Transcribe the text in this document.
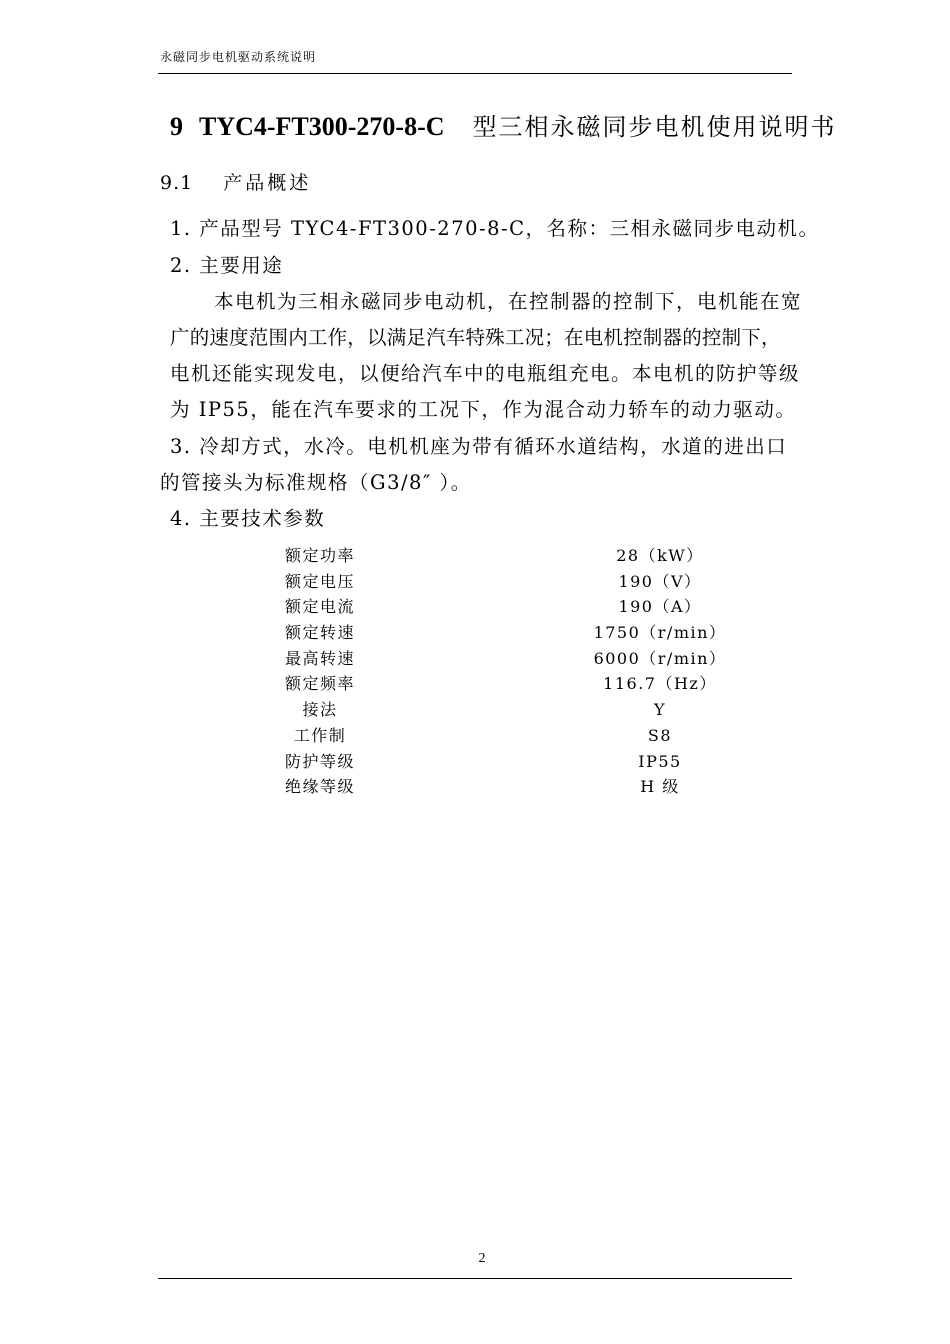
永磁同步电机驱动系统说明
9 TYC4-FT300-270-8-C 型三相永磁同步电机使用说明书
9.1 产品概述
1. 产品型号 TYC4-FT300-270-8-C，名称：三相永磁同步电动机。
2. 主要用途
本电机为三相永磁同步电动机，在控制器的控制下，电机能在宽
广的速度范围内工作，以满足汽车特殊工况；在电机控制器的控制下，
电机还能实现发电，以便给汽车中的电瓶组充电。本电机的防护等级
为 IP55，能在汽车要求的工况下，作为混合动力轿车的动力驱动。
3. 冷却方式，水冷。电机机座为带有循环水道结构，水道的进出口
的管接头为标准规格（G3/8″ ）。
4. 主要技术参数
额定功率	28（kW）
额定电压	190（V）
额定电流	190（A）
额定转速	1750（r/min）
最高转速	6000（r/min）
额定频率	116.7（Hz）
接法	Y
工作制	S8
防护等级	IP55
绝缘等级	H 级
2
